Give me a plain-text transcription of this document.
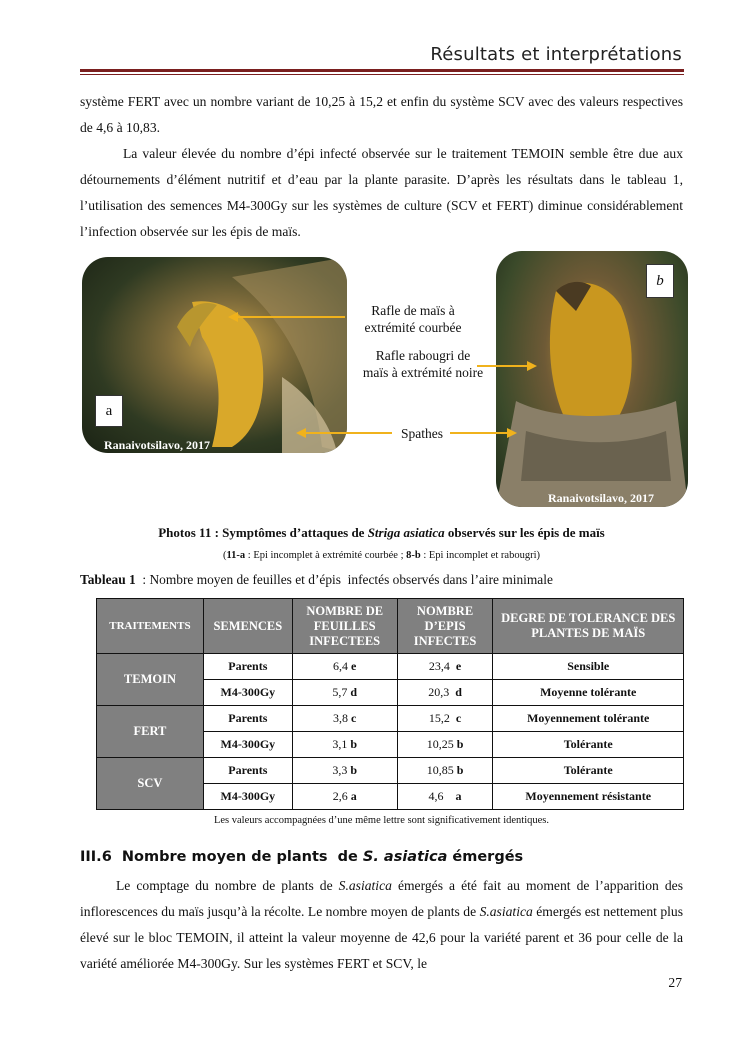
Résultats et interprétations
système FERT avec un nombre variant de 10,25 à 15,2 et enfin du système SCV avec des valeurs respectives de 4,6 à 10,83.
La valeur élevée du nombre d’épi infecté observée sur le traitement TEMOIN semble être due aux détournements d’élément nutritif et d’eau par la plante parasite. D’après les résultats dans le tableau 1, l’utilisation des semences M4-300Gy sur les systèmes de culture (SCV et FERT) diminue considérablement l’infection observée sur les épis de maïs.
a
Ranaivotsilavo, 2017
b
Ranaivotsilavo, 2017
Rafle de maïs à extrémité courbée
Rafle rabougri de maïs à extrémité noire
Spathes
Photos 11 : Symptômes d’attaques de Striga asiatica observés sur les épis de maïs
(11-a : Epi incomplet à extrémité courbée ; 8-b : Epi incomplet et rabougri)
Tableau 1  : Nombre moyen de feuilles et d’épis  infectés observés dans l’aire minimale
TRAITEMENTS	SEMENCES	NOMBRE DE FEUILLES INFECTEES	NOMBRE D’EPIS INFECTES	DEGRE DE TOLERANCE DES PLANTES DE MAÏS
TEMOIN	Parents	6,4 e	23,4 e	Sensible
	M4-300Gy	5,7 d	20,3 d	Moyenne tolérante
FERT	Parents	3,8 c	15,2 c	Moyennement tolérante
	M4-300Gy	3,1 b	10,25 b	Tolérante
SCV	Parents	3,3 b	10,85 b	Tolérante
	M4-300Gy	2,6 a	4,6 a	Moyennement résistante
Les valeurs accompagnées d’une même lettre sont significativement identiques.
III.6 Nombre moyen de plants  de S. asiatica émergés
Le comptage du nombre de plants de S.asiatica émergés a été fait au moment de l’apparition des inflorescences du maïs jusqu’à la récolte. Le nombre moyen de plants de S.asiatica émergés est nettement plus élevé sur le bloc TEMOIN, il atteint la valeur moyenne de 42,6 pour la variété parent et 36 pour celle de la variété améliorée M4-300Gy. Sur les systèmes FERT et SCV, le
27
